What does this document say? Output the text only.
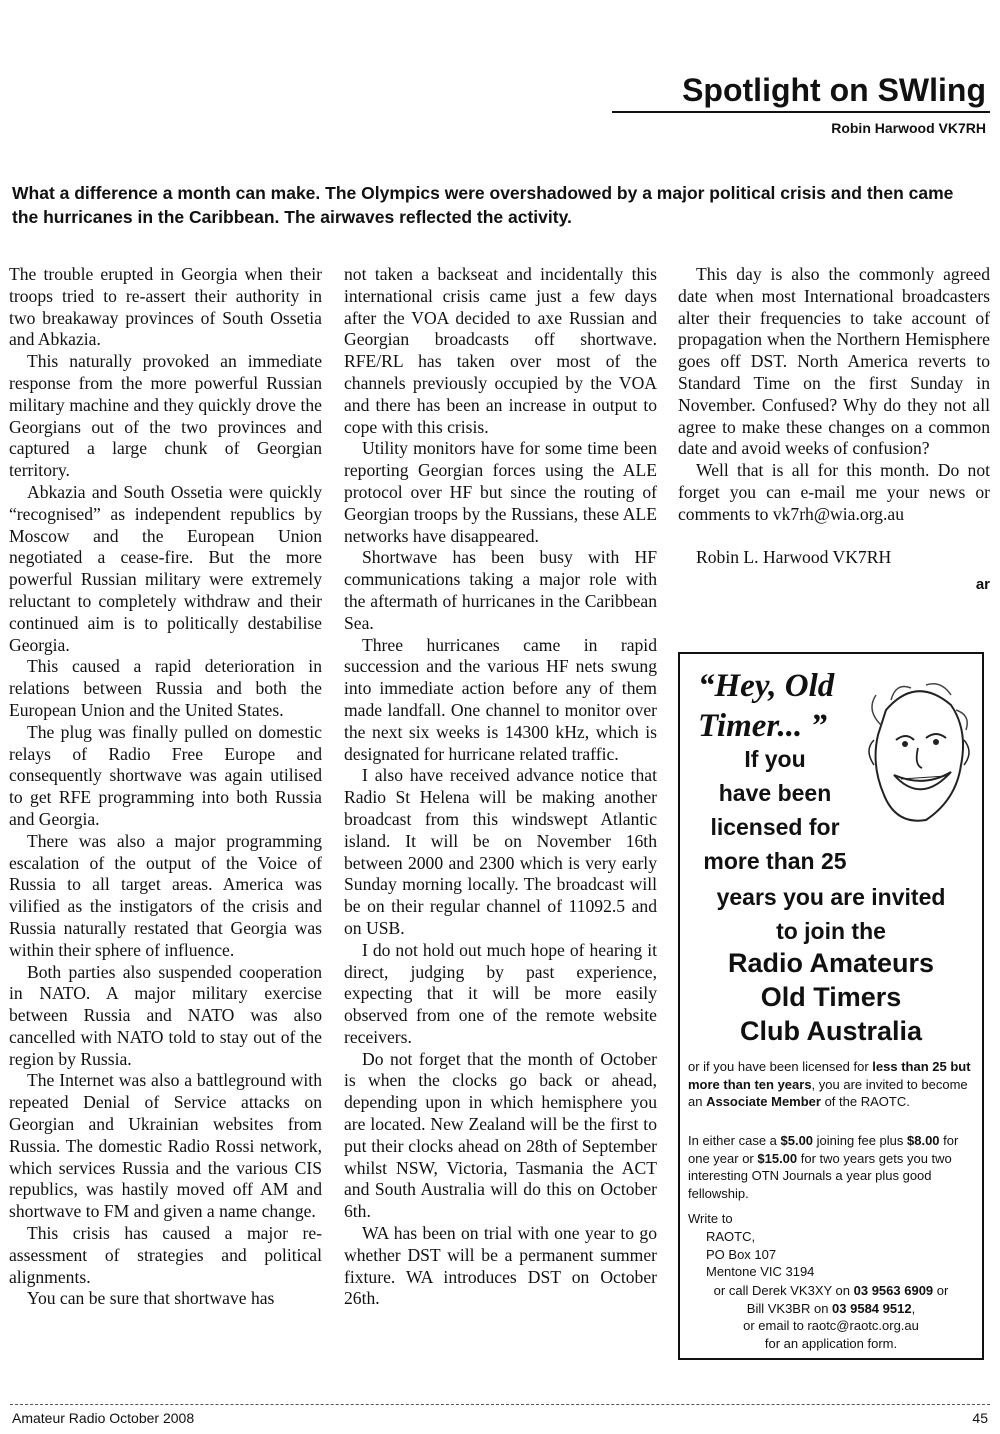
Spotlight on SWling

Robin Harwood VK7RH

What a difference a month can make. The Olympics were overshadowed by a major political crisis and then came the hurricanes in the Caribbean. The airwaves reflected the activity.

The trouble erupted in Georgia when their troops tried to re-assert their authority in two breakaway provinces of South Ossetia and Abkazia.

This naturally provoked an immediate response from the more powerful Russian military machine and they quickly drove the Georgians out of the two provinces and captured a large chunk of Georgian territory.

Abkazia and South Ossetia were quickly “recognised” as independent republics by Moscow and the European Union negotiated a cease-fire. But the more powerful Russian military were extremely reluctant to completely withdraw and their continued aim is to politically destabilise Georgia.

This caused a rapid deterioration in relations between Russia and both the European Union and the United States.

The plug was finally pulled on domestic relays of Radio Free Europe and consequently shortwave was again utilised to get RFE programming into both Russia and Georgia.

There was also a major programming escalation of the output of the Voice of Russia to all target areas. America was vilified as the instigators of the crisis and Russia naturally restated that Georgia was within their sphere of influence.

Both parties also suspended cooperation in NATO. A major military exercise between Russia and NATO was also cancelled with NATO told to stay out of the region by Russia.

The Internet was also a battleground with repeated Denial of Service attacks on Georgian and Ukrainian websites from Russia. The domestic Radio Rossi network, which services Russia and the various CIS republics, was hastily moved off AM and shortwave to FM and given a name change.

This crisis has caused a major re-assessment of strategies and political alignments.

You can be sure that shortwave has

not taken a backseat and incidentally this international crisis came just a few days after the VOA decided to axe Russian and Georgian broadcasts off shortwave. RFE/RL has taken over most of the channels previously occupied by the VOA and there has been an increase in output to cope with this crisis.

Utility monitors have for some time been reporting Georgian forces using the ALE protocol over HF but since the routing of Georgian troops by the Russians, these ALE networks have disappeared.

Shortwave has been busy with HF communications taking a major role with the aftermath of hurricanes in the Caribbean Sea.

Three hurricanes came in rapid succession and the various HF nets swung into immediate action before any of them made landfall. One channel to monitor over the next six weeks is 14300 kHz, which is designated for hurricane related traffic.

I also have received advance notice that Radio St Helena will be making another broadcast from this windswept Atlantic island. It will be on November 16th between 2000 and 2300 which is very early Sunday morning locally. The broadcast will be on their regular channel of 11092.5 and on USB.

I do not hold out much hope of hearing it direct, judging by past experience, expecting that it will be more easily observed from one of the remote website receivers.

Do not forget that the month of October is when the clocks go back or ahead, depending upon in which hemisphere you are located. New Zealand will be the first to put their clocks ahead on 28th of September whilst NSW, Victoria, Tasmania the ACT and South Australia will do this on October 6th.

WA has been on trial with one year to go whether DST will be a permanent summer fixture. WA introduces DST on October 26th.

This day is also the commonly agreed date when most International broadcasters alter their frequencies to take account of propagation when the Northern Hemisphere goes off DST. North America reverts to Standard Time on the first Sunday in November. Confused? Why do they not all agree to make these changes on a common date and avoid weeks of confusion?

Well that is all for this month. Do not forget you can e-mail me your news or comments to vk7rh@wia.org.au

Robin L. Harwood VK7RH

ar
“Hey, Old
Timer... ”
If you
have been
licensed for
more than 25
years you are invited
to join the
Radio Amateurs
Old Timers
Club Australia

or if you have been licensed for less than 25 but more than ten years, you are invited to become an Associate Member of the RAOTC.

In either case a $5.00 joining fee plus $8.00 for one year or $15.00 for two years gets you two interesting OTN Journals a year plus good fellowship.

Write to

RAOTC,
PO Box 107
Mentone VIC 3194
or call Derek VK3XY on 03 9563 6909 or
Bill VK3BR on 03 9584 9512,
or email to raotc@raotc.org.au
for an application form.
Amateur Radio October 2008	45
